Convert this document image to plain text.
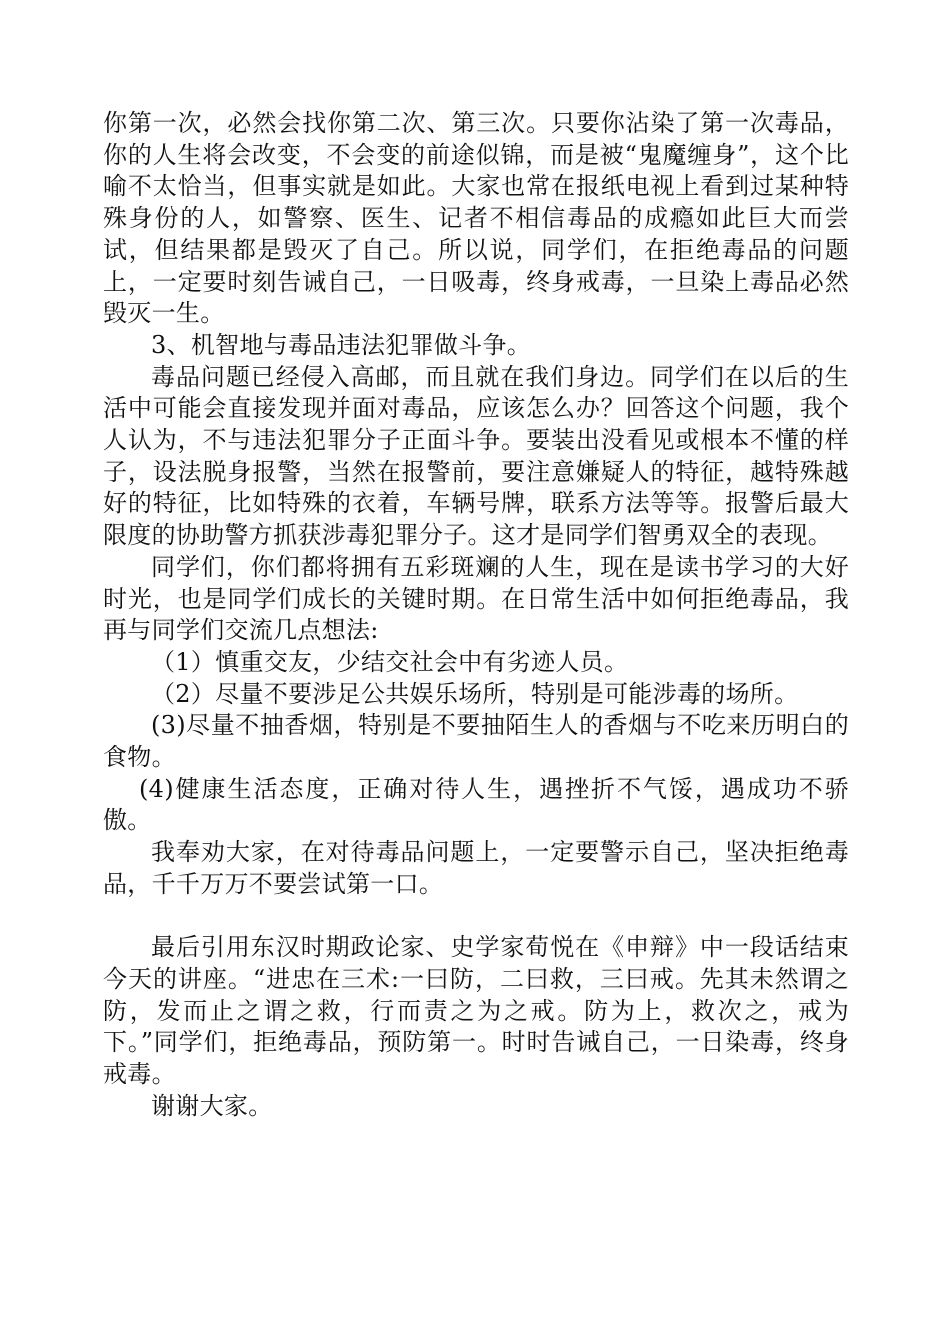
你第一次，必然会找你第二次、第三次。只要你沾染了第一次毒品，你的人生将会改变，不会变的前途似锦，而是被“鬼魔缠身”，这个比喻不太恰当，但事实就是如此。大家也常在报纸电视上看到过某种特殊身份的人，如警察、医生、记者不相信毒品的成瘾如此巨大而尝试，但结果都是毁灭了自己。所以说，同学们，在拒绝毒品的问题上，一定要时刻告诫自己，一日吸毒，终身戒毒，一旦染上毒品必然毁灭一生。

3、机智地与毒品违法犯罪做斗争。

毒品问题已经侵入高邮，而且就在我们身边。同学们在以后的生活中可能会直接发现并面对毒品，应该怎么办？回答这个问题，我个人认为，不与违法犯罪分子正面斗争。要装出没看见或根本不懂的样子，设法脱身报警，当然在报警前，要注意嫌疑人的特征，越特殊越好的特征，比如特殊的衣着，车辆号牌，联系方法等等。报警后最大限度的协助警方抓获涉毒犯罪分子。这才是同学们智勇双全的表现。

同学们，你们都将拥有五彩斑斓的人生，现在是读书学习的大好时光，也是同学们成长的关键时期。在日常生活中如何拒绝毒品，我再与同学们交流几点想法:

（1）慎重交友，少结交社会中有劣迹人员。

（2）尽量不要涉足公共娱乐场所，特别是可能涉毒的场所。

(3)尽量不抽香烟，特别是不要抽陌生人的香烟与不吃来历明白的食物。

(4)健康生活态度，正确对待人生，遇挫折不气馁，遇成功不骄傲。

我奉劝大家，在对待毒品问题上，一定要警示自己，坚决拒绝毒品，千千万万不要尝试第一口。

最后引用东汉时期政论家、史学家荀悦在《申辩》中一段话结束今天的讲座。“进忠在三术:一曰防，二曰救，三曰戒。先其未然谓之防，发而止之谓之救，行而责之为之戒。防为上，救次之，戒为下。”同学们，拒绝毒品，预防第一。时时告诫自己，一日染毒，终身戒毒。

谢谢大家。
